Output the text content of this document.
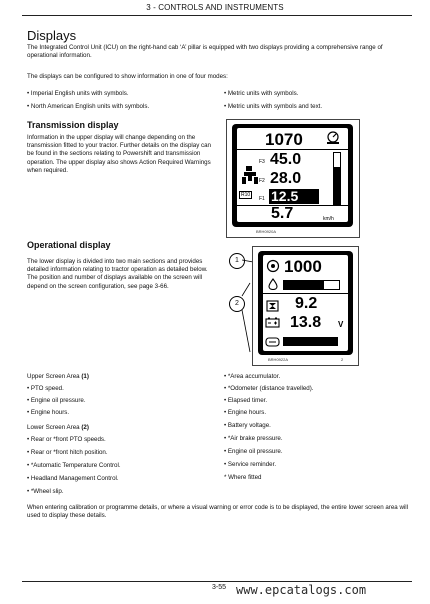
3 - CONTROLS AND INSTRUMENTS
Displays
The Integrated Control Unit (ICU) on the right-hand cab ‘A’ pillar is equipped with two displays providing a comprehensive range of operational information.
The displays can be configured to show information in one of four modes:
• Imperial English units with symbols.
• North American English units with symbols.
• Metric units with symbols.
• Metric units with symbols and text.
Transmission display
Information in the upper display will change depending on the transmission fitted to your tractor. Further details on the display can be found in the sections relating to Powershift and transmission operation. The upper display also shows Action Required Warnings when required.
1070
F3 45.0
F2 28.0
F1 12.5
R10
5.7	km/h
BRH0920A
Operational display
The lower display is divided into two main sections and provides detailed information relating to tractor operation as detailed below. The position and number of displays available on the screen will depend on the screen configuration, see page 3-66.
1
2
1000
9.2
13.8 V
BRH0922A	2
Upper Screen Area (1)
• PTO speed.
• Engine oil pressure.
• Engine hours.
Lower Screen Area (2)
• Rear or *front PTO speeds.
• Rear or *front hitch position.
• *Automatic Temperature Control.
• Headland Management Control.
• *Wheel slip.
• *Area accumulator.
• *Odometer (distance travelled).
• Elapsed timer.
• Engine hours.
• Battery voltage.
• *Air brake pressure.
• Engine oil pressure.
• Service reminder.
* Where fitted
When entering calibration or programme details, or where a visual warning or error code is to be displayed, the entire lower screen area will used to display these details.
3-55 www.epcatalogs.com
